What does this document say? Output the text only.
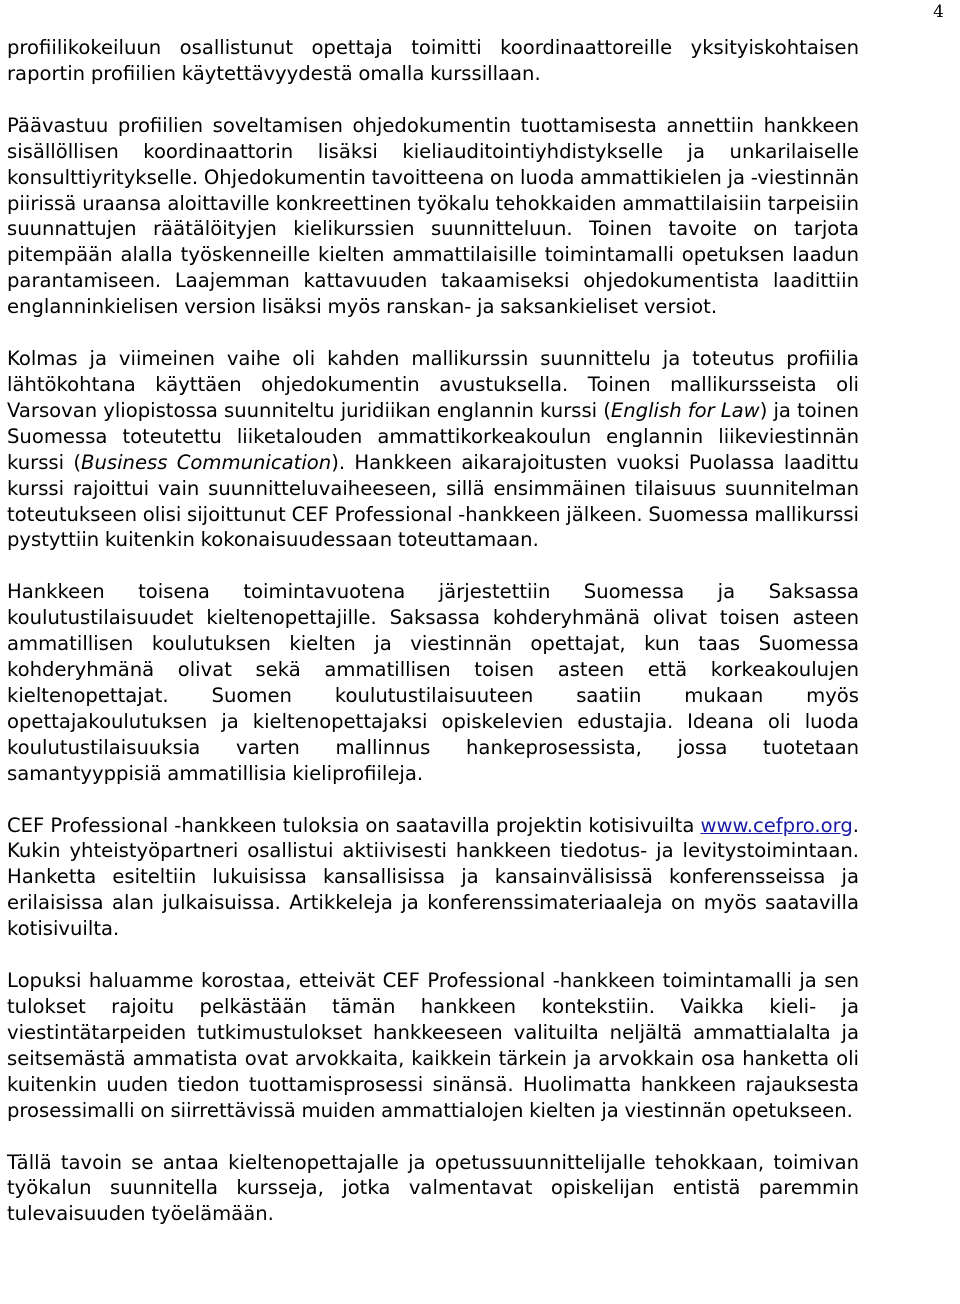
4

profiilikokeiluun osallistunut opettaja toimitti koordinaattoreille yksityiskohtaisen raportin profiilien käytettävyydestä omalla kurssillaan.

Päävastuu profiilien soveltamisen ohjedokumentin tuottamisesta annettiin hankkeen sisällöllisen koordinaattorin lisäksi kieliauditointiyhdistykselle ja unkarilaiselle konsulttiyritykselle. Ohjedokumentin tavoitteena on luoda ammattikielen ja -viestinnän piirissä uraansa aloittaville konkreettinen työkalu tehokkaiden ammattilaisiin tarpeisiin suunnattujen räätälöityjen kielikurssien suunnitteluun. Toinen tavoite on tarjota pitempään alalla työskenneille kielten ammattilaisille toimintamalli opetuksen laadun parantamiseen. Laajemman kattavuuden takaamiseksi ohjedokumentista laadittiin englanninkielisen version lisäksi myös ranskan- ja saksankieliset versiot.

Kolmas ja viimeinen vaihe oli kahden mallikurssin suunnittelu ja toteutus profiilia lähtökohtana käyttäen ohjedokumentin avustuksella. Toinen mallikursseista oli Varsovan yliopistossa suunniteltu juridiikan englannin kurssi (English for Law) ja toinen Suomessa toteutettu liiketalouden ammattikorkeakoulun englannin liikeviestinnän kurssi (Business Communication). Hankkeen aikarajoitusten vuoksi Puolassa laadittu kurssi rajoittui vain suunnitteluvaiheeseen, sillä ensimmäinen tilaisuus suunnitelman toteutukseen olisi sijoittunut CEF Professional -hankkeen jälkeen. Suomessa mallikurssi pystyttiin kuitenkin kokonaisuudessaan toteuttamaan.

Hankkeen toisena toimintavuotena järjestettiin Suomessa ja Saksassa koulutustilaisuudet kieltenopettajille. Saksassa kohderyhmänä olivat toisen asteen ammatillisen koulutuksen kielten ja viestinnän opettajat, kun taas Suomessa kohderyhmänä olivat sekä ammatillisen toisen asteen että korkeakoulujen kieltenopettajat. Suomen koulutustilaisuuteen saatiin mukaan myös opettajakoulutuksen ja kieltenopettajaksi opiskelevien edustajia. Ideana oli luoda koulutustilaisuuksia varten mallinnus hankeprosessista, jossa tuotetaan samantyyppisiä ammatillisia kieliprofiileja.

CEF Professional -hankkeen tuloksia on saatavilla projektin kotisivuilta www.cefpro.org. Kukin yhteistyöpartneri osallistui aktiivisesti hankkeen tiedotus- ja levitystoimintaan. Hanketta esiteltiin lukuisissa kansallisissa ja kansainvälisissä konferensseissa ja erilaisissa alan julkaisuissa. Artikkeleja ja konferenssimateriaaleja on myös saatavilla kotisivuilta.

Lopuksi haluamme korostaa, etteivät CEF Professional -hankkeen toimintamalli ja sen tulokset rajoitu pelkästään tämän hankkeen kontekstiin. Vaikka kieli- ja viestintätarpeiden tutkimustulokset hankkeeseen valituilta neljältä ammattialalta ja seitsemästä ammatista ovat arvokkaita, kaikkein tärkein ja arvokkain osa hanketta oli kuitenkin uuden tiedon tuottamisprosessi sinänsä. Huolimatta hankkeen rajauksesta prosessimalli on siirrettävissä muiden ammattialojen kielten ja viestinnän opetukseen.

Tällä tavoin se antaa kieltenopettajalle ja opetussuunnittelijalle tehokkaan, toimivan työkalun suunnitella kursseja, jotka valmentavat opiskelijan entistä paremmin tulevaisuuden työelämään.
